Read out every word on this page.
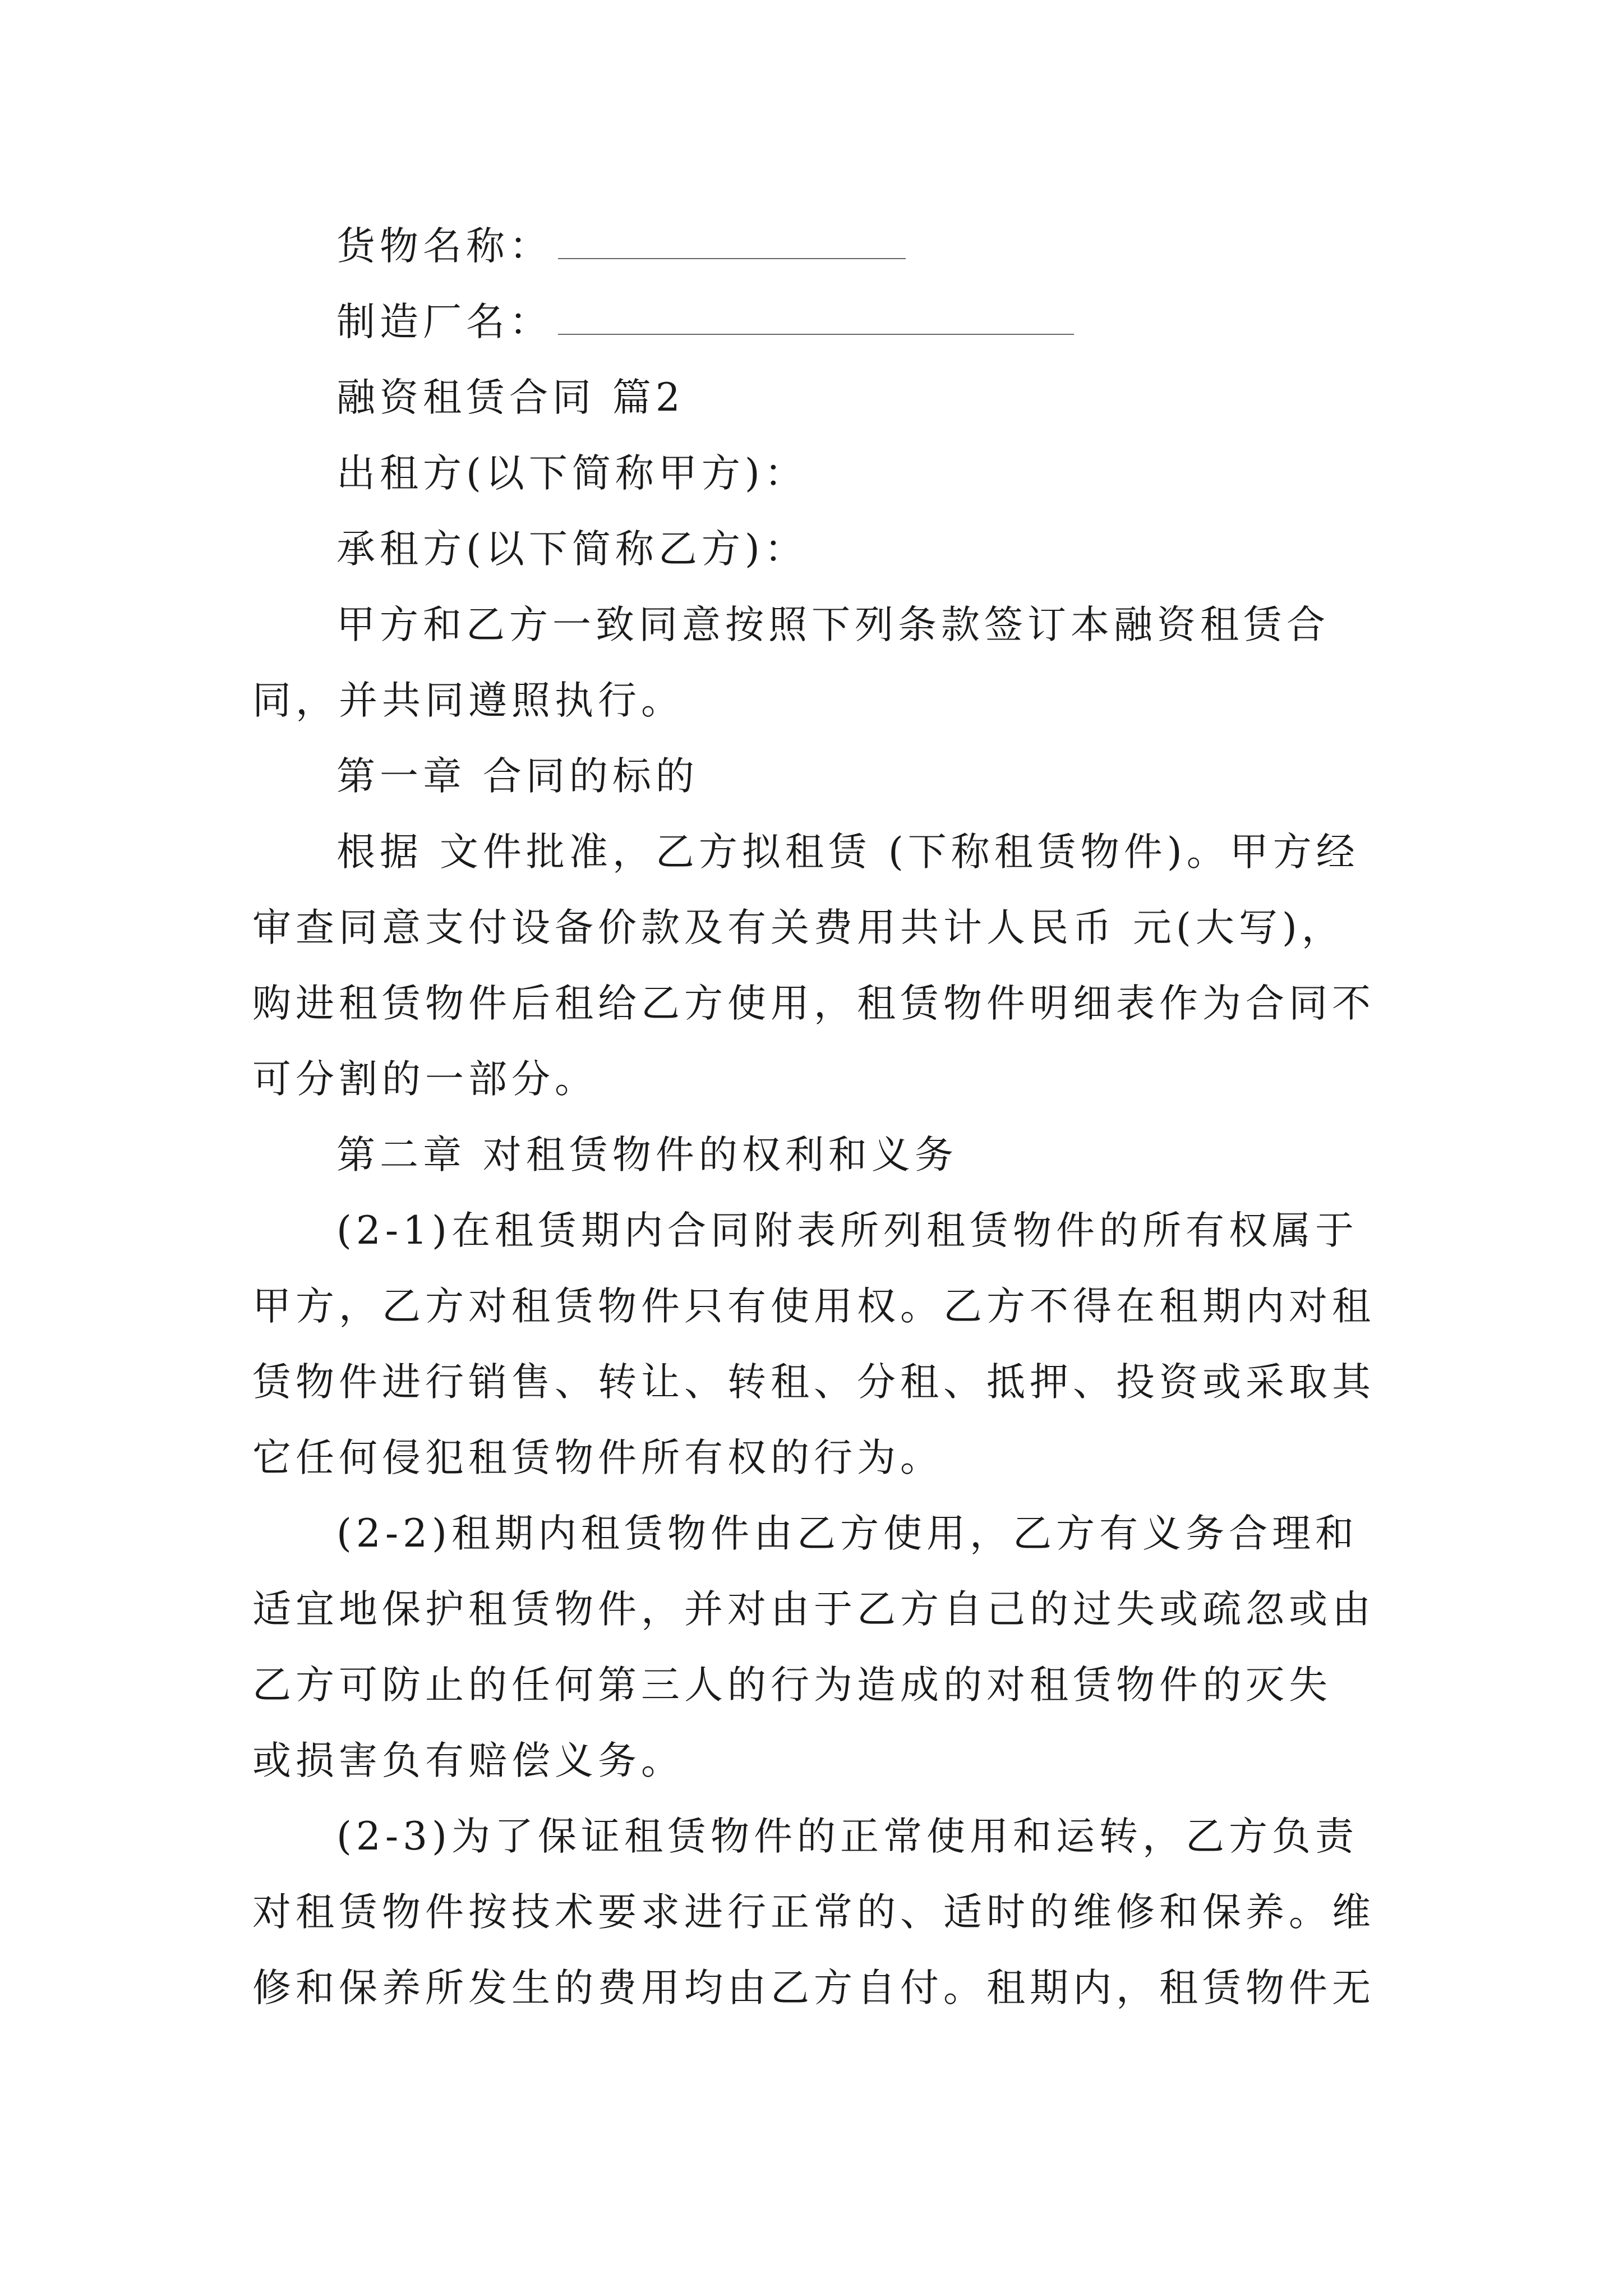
货物名称：
制造厂名：
融资租赁合同 篇2
出租方(以下简称甲方)：
承租方(以下简称乙方)：
甲方和乙方一致同意按照下列条款签订本融资租赁合
同，并共同遵照执行。
第一章 合同的标的
根据 文件批准，乙方拟租赁 (下称租赁物件)。甲方经
审查同意支付设备价款及有关费用共计人民币 元(大写)，
购进租赁物件后租给乙方使用，租赁物件明细表作为合同不
可分割的一部分。
第二章 对租赁物件的权利和义务
(2-1)在租赁期内合同附表所列租赁物件的所有权属于
甲方，乙方对租赁物件只有使用权。乙方不得在租期内对租
赁物件进行销售、转让、转租、分租、抵押、投资或采取其
它任何侵犯租赁物件所有权的行为。
(2-2)租期内租赁物件由乙方使用，乙方有义务合理和
适宜地保护租赁物件，并对由于乙方自己的过失或疏忽或由
乙方可防止的任何第三人的行为造成的对租赁物件的灭失
或损害负有赔偿义务。
(2-3)为了保证租赁物件的正常使用和运转，乙方负责
对租赁物件按技术要求进行正常的、适时的维修和保养。维
修和保养所发生的费用均由乙方自付。租期内，租赁物件无
